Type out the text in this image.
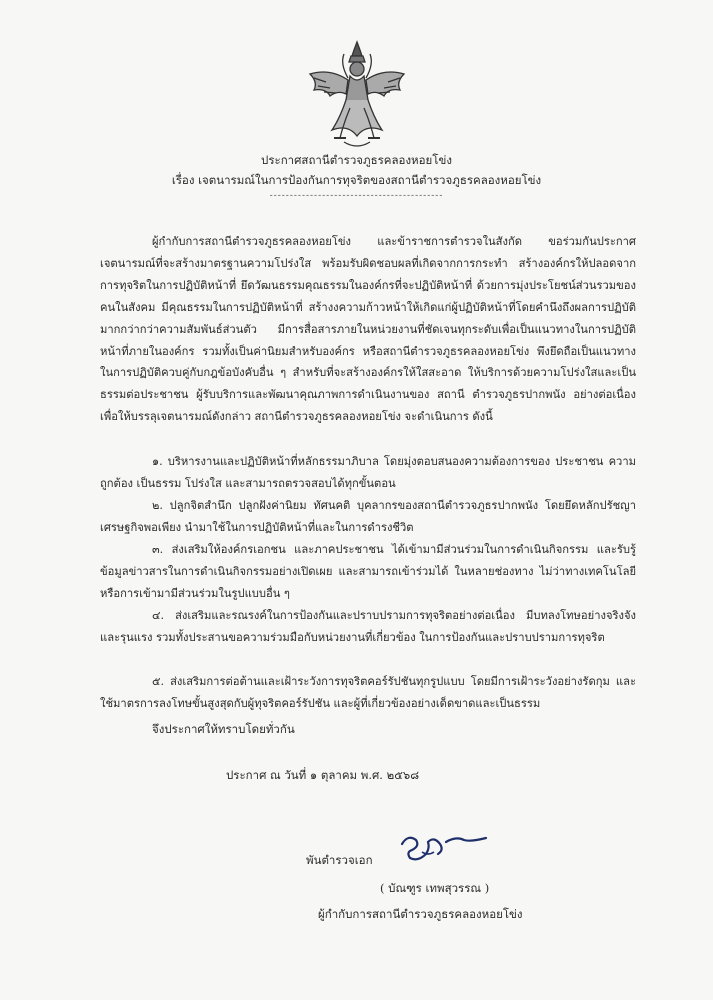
ประกาศสถานีตำรวจภูธรคลองหอยโข่ง
เรื่อง เจตนารมณ์ในการป้องกันการทุจริตของสถานีตำรวจภูธรคลองหอยโข่ง
-------------------------------------------

ผู้กำกับการสถานีตำรวจภูธรคลองหอยโข่ง และข้าราชการตำรวจในสังกัด ขอร่วมกันประกาศเจตนารมณ์ที่จะสร้างมาตรฐานความโปร่งใส พร้อมรับผิดชอบผลที่เกิดจากการกระทำ สร้างองค์กรให้ปลอดจากการทุจริตในการปฏิบัติหน้าที่ ยึดวัฒนธรรมคุณธรรมในองค์กรที่จะปฏิบัติหน้าที่ ด้วยการมุ่งประโยชน์ส่วนรวมของคนในสังคม มีคุณธรรมในการปฏิบัติหน้าที่ สร้างงความก้าวหน้าให้เกิดแก่ผู้ปฏิบัติหน้าที่โดยคำนึงถึงผลการปฏิบัติ มากกว่ากว่าความสัมพันธ์ส่วนตัว มีการสื่อสารภายในหน่วยงานที่ชัดเจนทุกระดับเพื่อเป็นแนวทางในการปฏิบัติหน้าที่ภายในองค์กร รวมทั้งเป็นค่านิยมสำหรับองค์กร หรือสถานีตำรวจภูธรคลองหอยโข่ง พึงยึดถือเป็นแนวทางในการปฏิบัติควบคู่กับกฎข้อบังคับอื่น ๆ สำหรับที่จะสร้างองค์กรให้ใสสะอาด ให้บริการด้วยความโปร่งใสและเป็นธรรมต่อประชาชน ผู้รับบริการและพัฒนาคุณภาพการดำเนินงานของ สถานี ตำรวจภูธรปากพนัง อย่างต่อเนื่อง เพื่อให้บรรลุเจตนารมณ์ดังกล่าว สถานีตำรวจภูธรคลองหอยโข่ง จะดำเนินการ ดังนี้

๑. บริหารงานและปฏิบัติหน้าที่หลักธรรมาภิบาล โดยมุ่งตอบสนองความต้องการของ ประชาชน ความถูกต้อง เป็นธรรม โปร่งใส และสามารถตรวจสอบได้ทุกขั้นตอน

๒. ปลูกจิตสำนึก ปลูกฝังค่านิยม ทัศนคติ บุคลากรของสถานีตำรวจภูธรปากพนัง โดยยึดหลักปรัชญาเศรษฐกิจพอเพียง นำมาใช้ในการปฏิบัติหน้าที่และในการดำรงชีวิต

๓. ส่งเสริมให้องค์กรเอกชน และภาคประชาชน ได้เข้ามามีส่วนร่วมในการดำเนินกิจกรรม และรับรู้ ข้อมูลข่าวสารในการดำเนินกิจกรรมอย่างเปิดเผย และสามารถเข้าร่วมได้ ในหลายช่องทาง ไม่ว่าทางเทคโนโลยี หรือการเข้ามามีส่วนร่วมในรูปแบบอื่น ๆ

๔. ส่งเสริมและรณรงค์ในการป้องกันและปราบปรามการทุจริตอย่างต่อเนื่อง มีบทลงโทษอย่างจริงจังและรุนแรง รวมทั้งประสานขอความร่วมมือกับหน่วยงานที่เกี่ยวข้อง ในการป้องกันและปราบปรามการทุจริต

๕. ส่งเสริมการต่อต้านและเฝ้าระวังการทุจริตคอร์รัปชันทุกรูปแบบ โดยมีการเฝ้าระวังอย่างรัดกุม และใช้มาตรการลงโทษขั้นสูงสุดกับผู้ทุจริตคอร์รัปชัน และผู้ที่เกี่ยวข้องอย่างเด็ดขาดและเป็นธรรม

จึงประกาศให้ทราบโดยทั่วกัน
ประกาศ ณ วันที่ ๑ ตุลาคม พ.ศ. ๒๕๖๘
พันตำรวจเอก
( บัณฑูร เทพสุวรรณ )
ผู้กำกับการสถานีตำรวจภูธรคลองหอยโข่ง
